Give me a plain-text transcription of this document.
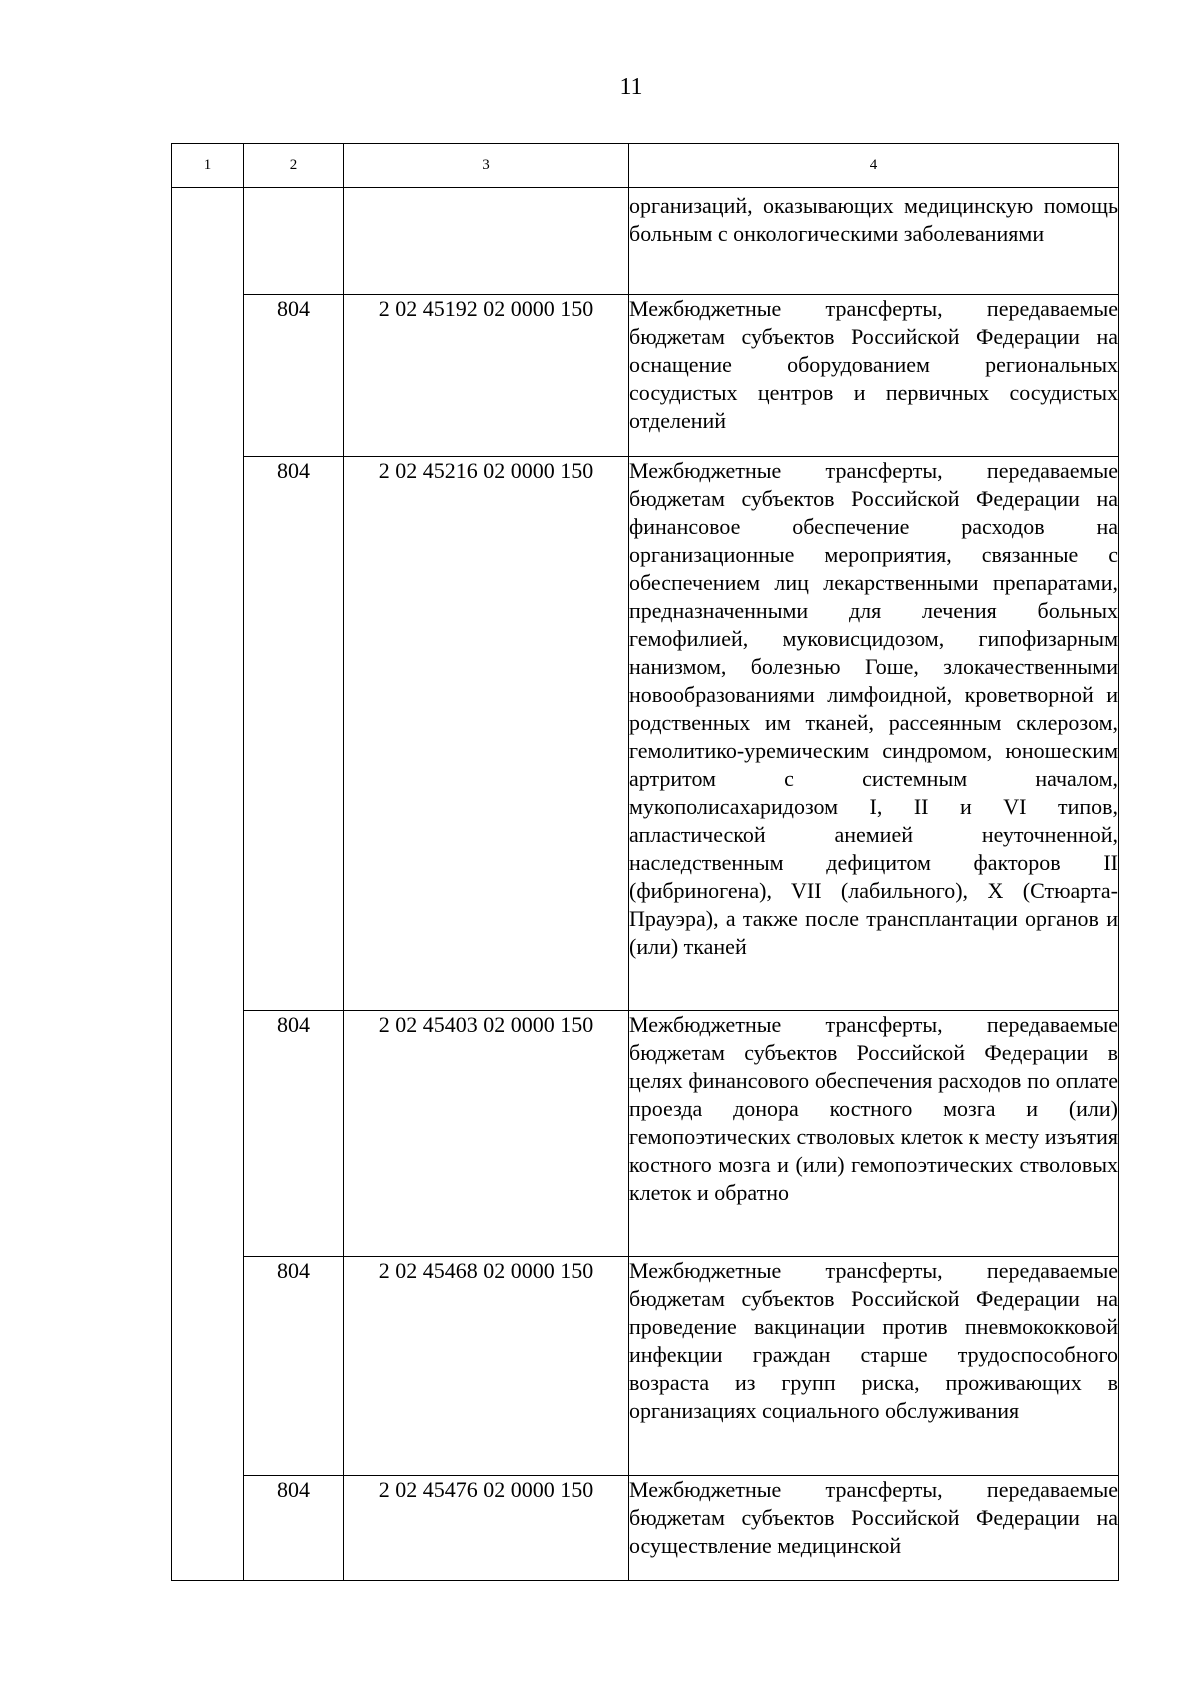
11
1	2	3	4
			организаций, оказывающих медицинскую помощь больным с онкологическими заболеваниями
	804	2 02 45192 02 0000 150	Межбюджетные трансферты, передаваемые бюджетам субъектов Российской Федерации на оснащение оборудованием региональных сосудистых центров и первичных сосудистых отделений
	804	2 02 45216 02 0000 150	Межбюджетные трансферты, передаваемые бюджетам субъектов Российской Федерации на финансовое обеспечение расходов на организационные мероприятия, связанные с обеспечением лиц лекарственными препаратами, предназначенными для лечения больных гемофилией, муковисцидозом, гипофизарным нанизмом, болезнью Гоше, злокачественными новообразованиями лимфоидной, кроветворной и родственных им тканей, рассеянным склерозом, гемолитико-уремическим синдромом, юношеским артритом с системным началом, мукополисахаридозом I, II и VI типов, апластической анемией неуточненной, наследственным дефицитом факторов II (фибриногена), VII (лабильного), X (Стюарта-Прауэра), а также после трансплантации органов и (или) тканей
	804	2 02 45403 02 0000 150	Межбюджетные трансферты, передаваемые бюджетам субъектов Российской Федерации в целях финансового обеспечения расходов по оплате проезда донора костного мозга и (или) гемопоэтических стволовых клеток к месту изъятия костного мозга и (или) гемопоэтических стволовых клеток и обратно
	804	2 02 45468 02 0000 150	Межбюджетные трансферты, передаваемые бюджетам субъектов Российской Федерации на проведение вакцинации против пневмококковой инфекции граждан старше трудоспособного возраста из групп риска, проживающих в организациях социального обслуживания
	804	2 02 45476 02 0000 150	Межбюджетные трансферты, передаваемые бюджетам субъектов Российской Федерации на осуществление медицинской
